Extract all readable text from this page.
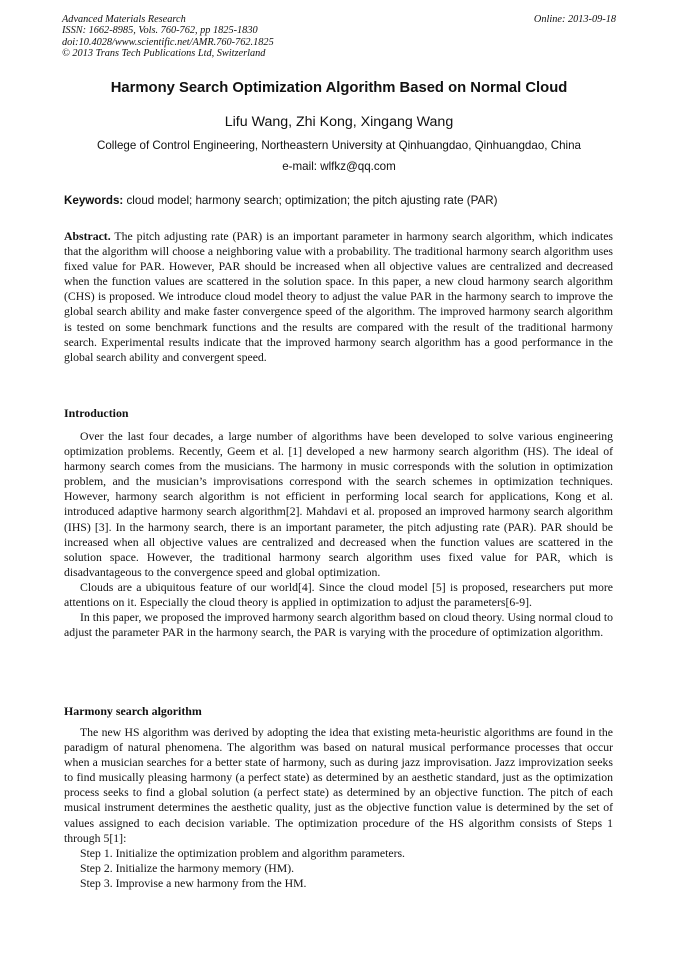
Advanced Materials Research
ISSN: 1662-8985, Vols. 760-762, pp 1825-1830
doi:10.4028/www.scientific.net/AMR.760-762.1825
© 2013 Trans Tech Publications Ltd, Switzerland
Online: 2013-09-18
Harmony Search Optimization Algorithm Based on Normal Cloud
Lifu Wang, Zhi Kong, Xingang Wang
College of Control Engineering, Northeastern University at Qinhuangdao, Qinhuangdao, China
e-mail: wlfkz@qq.com
Keywords: cloud model; harmony search; optimization; the pitch ajusting rate (PAR)

Abstract. The pitch adjusting rate (PAR) is an important parameter in harmony search algorithm, which indicates that the algorithm will choose a neighboring value with a probability. The traditional harmony search algorithm uses fixed value for PAR. However, PAR should be increased when all objective values are centralized and decreased when the function values are scattered in the solution space. In this paper, a new cloud harmony search algorithm (CHS) is proposed. We introduce cloud model theory to adjust the value PAR in the harmony search to improve the global search ability and make faster convergence speed of the algorithm. The improved harmony search algorithm is tested on some benchmark functions and the results are compared with the result of the traditional harmony search. Experimental results indicate that the improved harmony search algorithm has a good performance in the global search ability and convergent speed.

Introduction

Over the last four decades, a large number of algorithms have been developed to solve various engineering optimization problems. Recently, Geem et al. [1] developed a new harmony search algorithm (HS). The ideal of harmony search comes from the musicians. The harmony in music corresponds with the solution in optimization problem, and the musician’s improvisations correspond with the search schemes in optimization techniques. However, harmony search algorithm is not efficient in performing local search for applications, Kong et al. introduced adaptive harmony search algorithm[2]. Mahdavi et al. proposed an improved harmony search algorithm (IHS) [3]. In the harmony search, there is an important parameter, the pitch adjusting rate (PAR). PAR should be increased when all objective values are centralized and decreased when the function values are scattered in the solution space. However, the traditional harmony search algorithm uses fixed value for PAR, which is disadvantageous to the convergence speed and global optimization.

Clouds are a ubiquitous feature of our world[4]. Since the cloud model [5] is proposed, researchers put more attentions on it. Especially the cloud theory is applied in optimization to adjust the parameters[6-9].

In this paper, we proposed the improved harmony search algorithm based on cloud theory. Using normal cloud to adjust the parameter PAR in the harmony search, the PAR is varying with the procedure of optimization algorithm.

Harmony search algorithm

The new HS algorithm was derived by adopting the idea that existing meta-heuristic algorithms are found in the paradigm of natural phenomena. The algorithm was based on natural musical performance processes that occur when a musician searches for a better state of harmony, such as during jazz improvisation. Jazz improvization seeks to find musically pleasing harmony (a perfect state) as determined by an aesthetic standard, just as the optimization process seeks to find a global solution (a perfect state) as determined by an objective function. The pitch of each musical instrument determines the aesthetic quality, just as the objective function value is determined by the set of values assigned to each decision variable. The optimization procedure of the HS algorithm consists of Steps 1 through 5[1]:

Step 1. Initialize the optimization problem and algorithm parameters.

Step 2. Initialize the harmony memory (HM).

Step 3. Improvise a new harmony from the HM.
